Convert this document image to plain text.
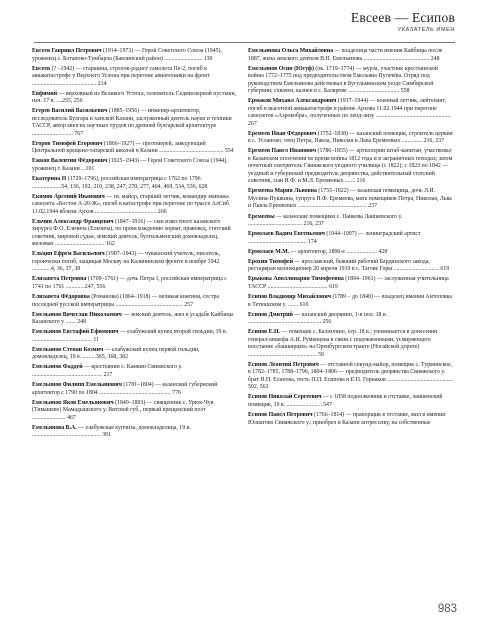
Евсеев — Есипов
УКАЗАТЕЛЬ ИМЕН

Евсеев Гавриил Петрович (1914–1973) — Герой Советского Союза (1945), уроженец с. Ботаново-Тумбарла (Бавлинский район) .......................... 139

Евсеев (? –1942) — старшина, стрелок-радист самолета Пе-2, погиб в авиакатастрофе у Верхнего Услона при перегоне авиатехники на фронт ............................................ 214

Евфимий — верховный из Великого Устюга, основатель Седмиозерной пустыни, нач. 17 в. ....255, 256

Егерев Василий Васильевич (1885–1956) — инженер-архитектор, исследователь Булгара и ханской Казани, заслуженный деятель науки и техники ТАССР, автор многих научных трудов по древней булгарской архитектуре ............................ 767

Егоров Тимофей Егорович (1866–1927) — протоиерей, заведующий Центральной крещено-татарской школой в Казани ............................................ 554

Ежков Валентин Фёдорович (1925–1943) — Герой Советского Союза (1944), уроженец г. Казани ...101

Екатерина II (1729–1796), российская императрица с 1762 по 1796 ....................54, 136, 192, 210, 238, 247, 270, 277, 404, 469, 534, 536, 628

Екимов Арсений Иванович — гв. майор, старший летчик, командир экипажа самолета «Бостон А-20-Ж», погиб в катастрофе при перегоне по трассе АлСиб 11.02.1944 вблизи Архов .......................................... 266

Ельчин Александр Францевич (1847–1916) — сын известного казанского хирурга Ф.О. Ельчича (Ельчича), по происхождению хорват, правовед, статский советник, мировой судья, земский деятель, булгильменский домовладелец, меломан .................................. 162

Ельцин Ефрем Васильевич (1907–1943) — чувашский учитель, писатель, героически погиб, защищая Москву на Калининском фронте в ноябре 1942 .............4, 36, 37, 38

Елизавета Петровна (1709–1761) — дочь Петра I, российская императрица с 1741 по 1761 .............247, 556

Елизавета Фёдоровна (Романова) (1864–1918) — великая княгиня, сестра последней русской императрицы .............................................. 257

Емельянов Вячеслав Николаевич — земский деятель, жил в усадьбе Кайбицы Казанского у ....... 248

Емельянов Евстафий Ефимович — елабужский купец второй гильдии, 19 в. ......................................... 11

Емельянов Степан Козмич — елабужский купец первой гильдии, домовладелец, 19 в. .........365, 368, 382

Емельянов Фаддей — крестьянин с. Камкин Свияжского у. ................................................ 217

Емельянов Филипп Емельянович (1781–1804) — казанский губернский архитектор с 1790 по 1804 ................................................. 776

Емельянов Яков Емельянович (1849–1893) — священник с. Урюк-Чув (Тимашево) Мамадышского у. Вятской губ., первый крещенский поэт ....................... 467

Емельянова В.А. — елабужская купчиха, домовладелица, 19 в. ............................................... 391

Емельянова Ольга Михайловна — владелица части имения Кайбицы после 1887, жена земского деятеля В.Н. Емельянова ............................................. 248

Емельянов Осип (Юсуф) (ок. 1719–1774) — мурза, участник крестьянской войны 1772–1775 под предводительством Емельяна Пугачёва. Отряд под руководством Емельянова действовал в Бугульминском уезде Симбирской губернии; схвачен, казнен в с. Балярове ................................... 558

Ермаков Михаил Александрович (1917–1944) — военный летчик, лейтенант, погиб в высотной авиакатастрофе в районе Архова 11.02.1944 при перегоне самолетов «Аэрокобра», полученных по ленд-лизу ................................................... 267

Еремеев Иван Фёдорович (1752–1838) — казанский помещик, строитель церкви в с. Усланово, отец Петра, Павла, Николая и Льва Еремеевых .............. 216, 237

Еремеев Павел Иванович (1786–1855) — артиллерии штаб-капитан, участвовал в Казанском ополчении во время войны 1812 года и в заграничных походах; затем почетный смотритель Свияжского уездного училища (с 1822); с 1823 по 1842 — уездный и губернский предводитель дворянства, действительный статский советник, сын И.Ф. и М.Л. Еремеевых ....... 216

Еремеева Мария Львовна (1755–1822) — казанская помещица, дочь Л.И. Мусина-Пушкина, супруга И.Ф. Еремеева, мать помещиков Петра, Николая, Льва и Павла Еремеевых ............................................... 237

Еремеевы — казанские помещики с. Панкова Лаишевского у. ..................................... 216, 237

Ермолаев Вадим Евгеньевич (1944–1997) — ленинградский артист ........................................ 174

Ермолаев М.М. — архитектор, 1890-е ..................... 428

Ерохин Тимофей — ярославский, бывший рабочий Бардинского завода, рестарвран коллекционер 20 апреля 1919 в с. Тагове Горы ............................... 619

Ерыкова Аполлинария Тимофеевна (1894–1961) — заслуженная учительница ТАССР ......................................... 619

Есипов Владимир Михайлович (1789 – до 1840) — владелец имения Антеповка в Тетюшском у. ....... 610

Есипов Дмитрий — казанский дворянин, 1-я пол. 18 в. .................................................. 256

Есипов Е.Н. — помещик с. Балахчино, сер. 18 в.; упоминается в донесении генерал-аншефа А.И. Румянцева в связи с подожженными, усмиряющего восстание «башкирцев» на Оренбургском тракте (Ногайской дороге) ............................................... 59

Есипов Леонтий Петрович — отставной секунд-майор, помещик с. Турминское, в 1782–1785, 1788–1796, 1804–1806 — предводитель дворянства Свияжского у. брат Н.П. Есипова, тесть П.П. Есипова и Е.П. Горнаков ............................................. 502, 563

Есипов Николай Сергеевич — с 1858 подполковник в отставке, лаишевский помещик, 19 в. ........................ 547

Есипов Павел Петрович (1766–1814) — прапорщик в отставке, жил в имении Юлиатово Свияжского у.; приобрел в Казани антресолку, на собственные

983
